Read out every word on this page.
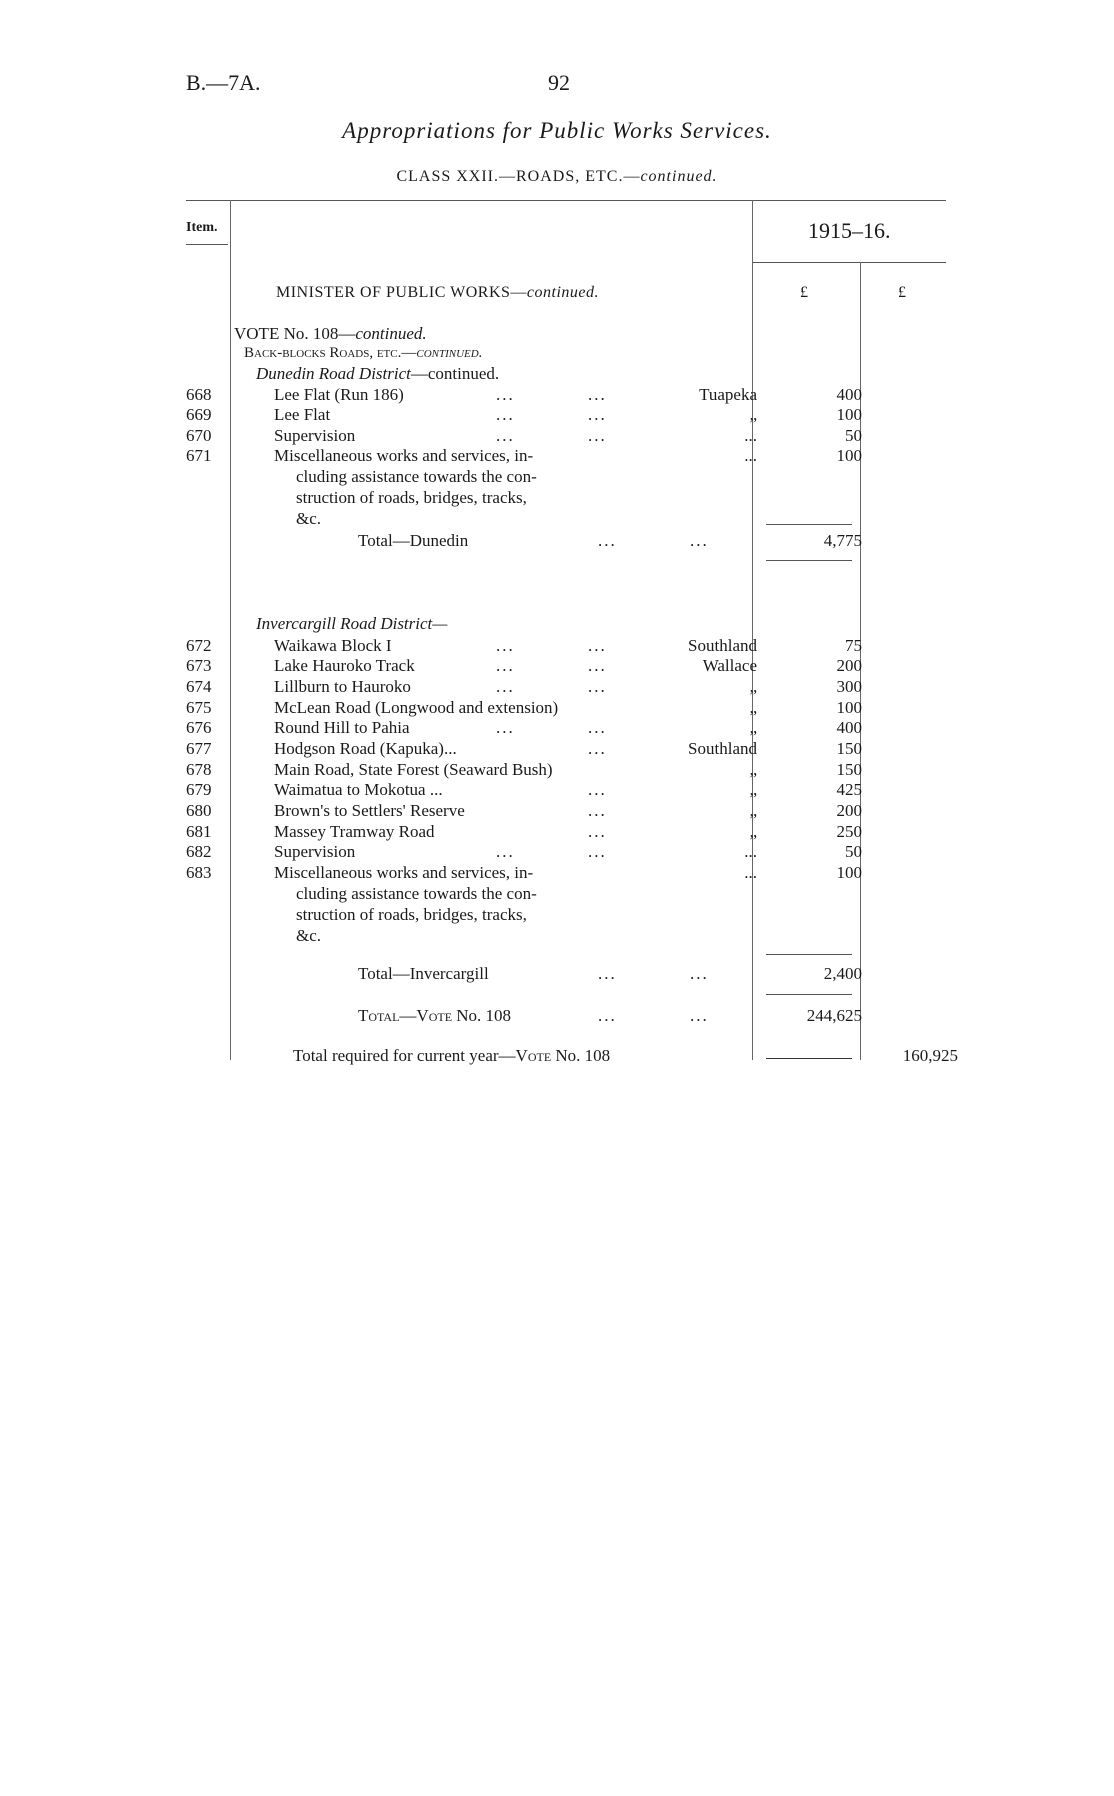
B.—7A.	92
Appropriations for Public Works Services.
CLASS XXII.—ROADS, ETC.—continued.
Item.	1915–16.
£	£
MINISTER OF PUBLIC WORKS—continued.
VOTE No. 108—continued.
Back-blocks Roads, etc.—continued.
Dunedin Road District—continued.
668	Lee Flat (Run 186)	...	...	Tuapeka	400
669	Lee Flat	...	...	„	100
670	Supervision	...	...	...	50
671	Miscellaneous works and services, in-	...	100
cluding assistance towards the con-
struction of roads, bridges, tracks,
&c.
Total—Dunedin	...	...	4,775
Invercargill Road District—
672	Waikawa Block I	...	...	Southland	75
673	Lake Hauroko Track	...	...	Wallace	200
674	Lillburn to Hauroko	...	...	„	300
675	McLean Road (Longwood and extension)	„	100
676	Round Hill to Pahia	...	...	„	400
677	Hodgson Road (Kapuka)...	...	Southland	150
678	Main Road, State Forest (Seaward Bush)	„	150
679	Waimatua to Mokotua ...	...	„	425
680	Brown's to Settlers' Reserve	...	„	200
681	Massey Tramway Road	...	„	250
682	Supervision	...	...	...	50
683	Miscellaneous works and services, in-	...	100
cluding assistance towards the con-
struction of roads, bridges, tracks,
&c.
Total—Invercargill	...	...	2,400
Total—Vote No. 108	...	...	244,625
Total required for current year—Vote No. 108	160,925
